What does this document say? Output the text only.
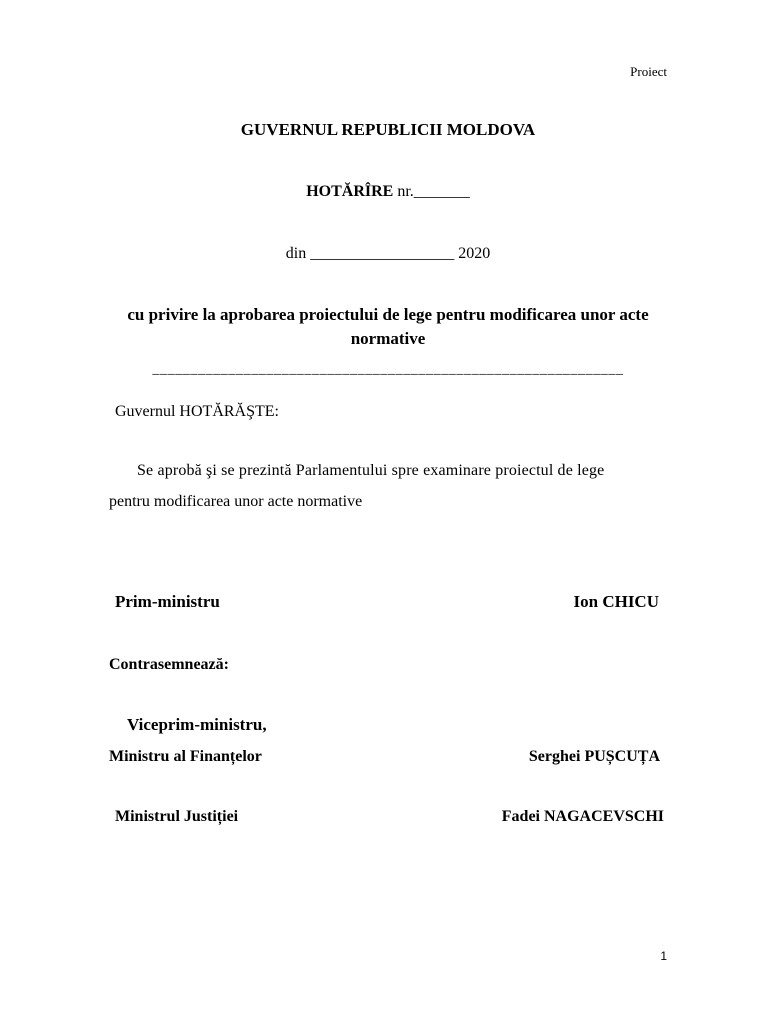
Proiect
GUVERNUL REPUBLICII MOLDOVA
HOTĂRÎRE nr._______
din __________________ 2020
cu privire la aprobarea proiectului de lege pentru modificarea unor acte
normative
______________________________________________________________
Guvernul HOTĂRĂŞTE:
Se aprobă şi se prezintă Parlamentului spre examinare proiectul de lege
pentru modificarea unor acte normative
Prim-ministru	Ion CHICU
Contrasemnează:
Viceprim-ministru,
Ministru al Finanțelor	Serghei PUȘCUȚA
Ministrul Justiției	Fadei NAGACEVSCHI
1
